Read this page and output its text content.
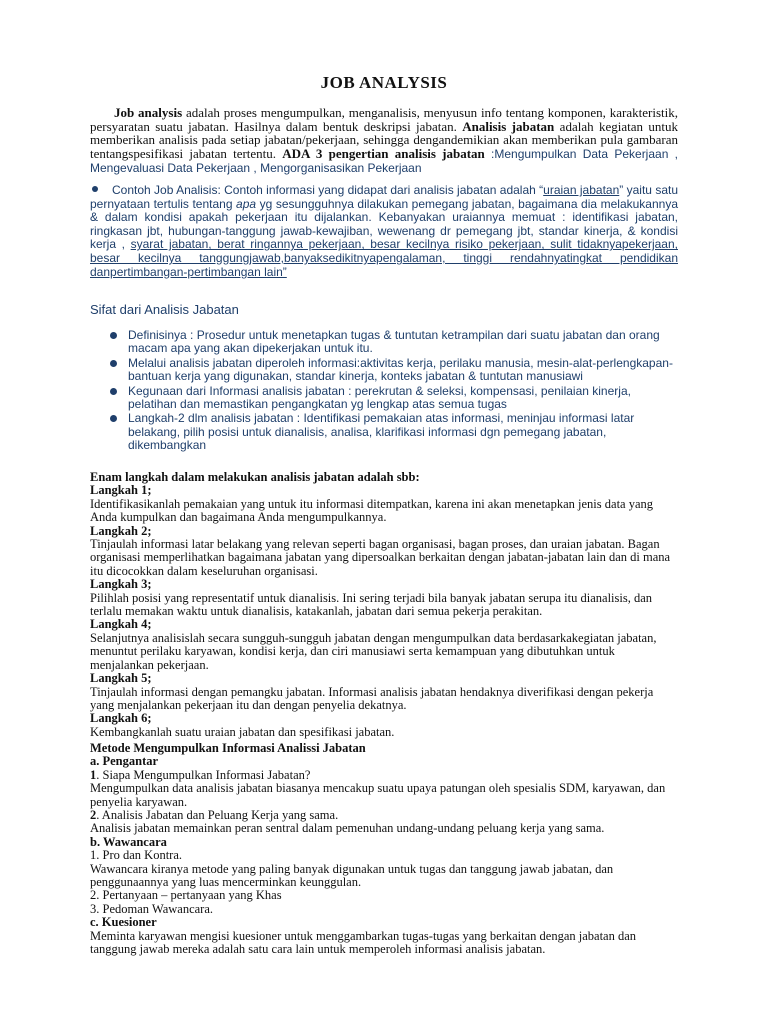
JOB ANALYSIS
Job analysis adalah proses mengumpulkan, menganalisis, menyusun info tentang komponen, karakteristik, persyaratan suatu jabatan. Hasilnya dalam bentuk deskripsi jabatan. Analisis jabatan adalah kegiatan untuk memberikan analisis pada setiap jabatan/pekerjaan, sehingga dengandemikian akan memberikan pula gambaran tentangspesifikasi jabatan tertentu. ADA 3 pengertian analisis jabatan :Mengumpulkan Data Pekerjaan , Mengevaluasi Data Pekerjaan , Mengorganisasikan Pekerjaan
Contoh Job Analisis: Contoh informasi yang didapat dari analisis jabatan adalah “uraian jabatan” yaitu satu pernyataan tertulis tentang apa yg sesungguhnya dilakukan pemegang jabatan, bagaimana dia melakukannya & dalam kondisi apakah pekerjaan itu dijalankan. Kebanyakan uraiannya memuat : identifikasi jabatan, ringkasan jbt, hubungan-tanggung jawab-kewajiban, wewenang dr pemegang jbt, standar kinerja, & kondisi kerja , syarat jabatan, berat ringannya pekerjaan, besar kecilnya risiko pekerjaan, sulit tidaknyapekerjaan, besar kecilnya tanggungjawab,banyaksedikitnyapengalaman, tinggi rendahnyatingkat pendidikan danpertimbangan-pertimbangan lain”
Sifat dari Analisis Jabatan
Definisinya : Prosedur untuk menetapkan tugas & tuntutan ketrampilan dari suatu jabatan dan orang macam apa yang akan dipekerjakan untuk itu.
Melalui analisis jabatan diperoleh informasi:aktivitas kerja, perilaku manusia, mesin-alat-perlengkapan-bantuan kerja yang digunakan, standar kinerja, konteks jabatan & tuntutan manusiawi
Kegunaan dari Informasi analisis jabatan : perekrutan & seleksi, kompensasi, penilaian kinerja, pelatihan dan memastikan pengangkatan yg lengkap atas semua tugas
Langkah-2 dlm analisis jabatan : Identifikasi pemakaian atas informasi, meninjau informasi latar belakang, pilih posisi untuk dianalisis, analisa, klarifikasi informasi dgn pemegang jabatan, dikembangkan

Enam langkah dalam melakukan analisis jabatan adalah sbb:

Langkah 1;

Identifikasikanlah pemakaian yang untuk itu informasi ditempatkan, karena ini akan menetapkan jenis data yang Anda kumpulkan dan bagaimana Anda mengumpulkannya.

Langkah 2;

Tinjaulah informasi latar belakang yang relevan seperti bagan organisasi, bagan proses, dan uraian jabatan. Bagan organisasi memperlihatkan bagaimana jabatan yang dipersoalkan berkaitan dengan jabatan-jabatan lain dan di mana itu dicocokkan dalam keseluruhan organisasi.

Langkah 3;

Pilihlah posisi yang representatif untuk dianalisis. Ini sering terjadi bila banyak jabatan serupa itu dianalisis, dan terlalu memakan waktu untuk dianalisis, katakanlah, jabatan dari semua pekerja perakitan.

Langkah 4;

Selanjutnya analisislah secara sungguh-sungguh jabatan dengan mengumpulkan data berdasarkakegiatan jabatan, menuntut perilaku karyawan, kondisi kerja, dan ciri manusiawi serta kemampuan yang dibutuhkan untuk menjalankan pekerjaan.

Langkah 5;

Tinjaulah informasi dengan pemangku jabatan. Informasi analisis jabatan hendaknya diverifikasi dengan pekerja yang menjalankan pekerjaan itu dan dengan penyelia dekatnya.

Langkah 6;

Kembangkanlah suatu uraian jabatan dan spesifikasi jabatan.

Metode Mengumpulkan Informasi Analissi Jabatan

a. Pengantar

1. Siapa Mengumpulkan Informasi Jabatan?

Mengumpulkan data analisis jabatan biasanya mencakup suatu upaya patungan oleh spesialis SDM, karyawan, dan penyelia karyawan.

2. Analisis Jabatan dan Peluang Kerja yang sama.

Analisis jabatan memainkan peran sentral dalam pemenuhan undang-undang peluang kerja yang sama.

b. Wawancara

1. Pro dan Kontra.

Wawancara kiranya metode yang paling banyak digunakan untuk tugas dan tanggung jawab jabatan, dan penggunaannya yang luas mencerminkan keunggulan.

2. Pertanyaan – pertanyaan yang Khas

3. Pedoman Wawancara.

c. Kuesioner

Meminta karyawan mengisi kuesioner untuk menggambarkan tugas-tugas yang berkaitan dengan jabatan dan tanggung jawab mereka adalah satu cara lain untuk memperoleh informasi analisis jabatan.
